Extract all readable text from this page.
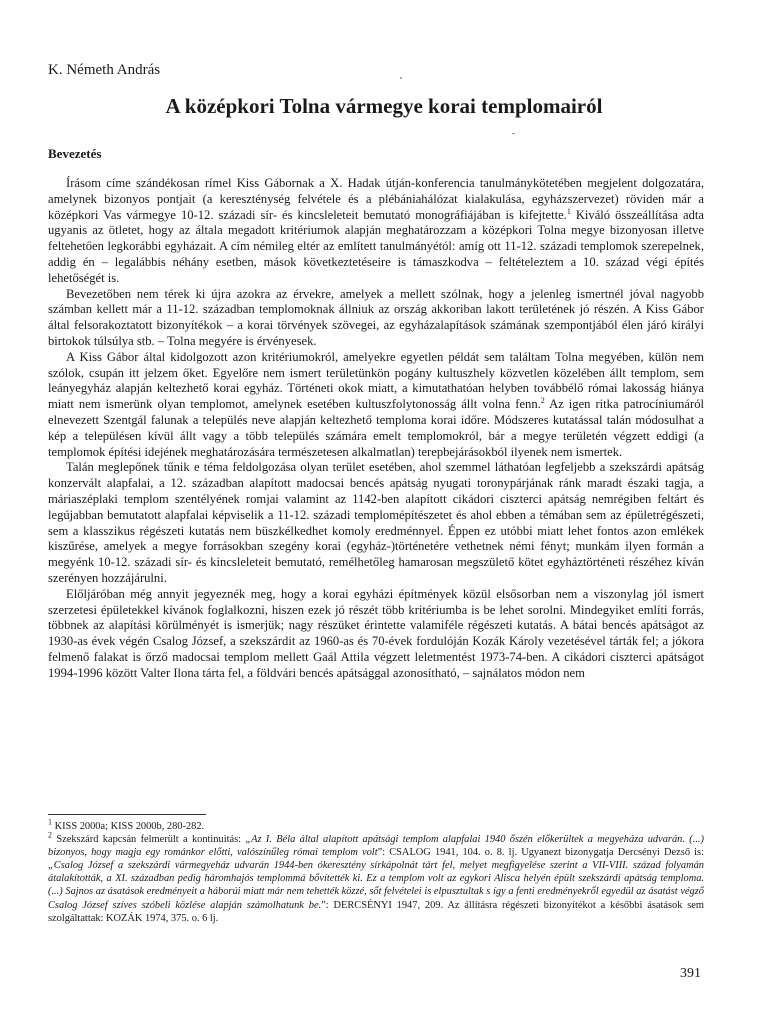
K. Németh András
A középkori Tolna vármegye korai templomairól
Bevezetés

Írásom címe szándékosan rímel Kiss Gábornak a X. Hadak útján-konferencia tanulmánykötetében megjelent dolgozatára, amelynek bizonyos pontjait (a kereszténység felvétele és a plébániahálózat kialakulása, egyházszervezet) röviden már a középkori Vas vármegye 10-12. századi sír- és kincsleleteit bemutató monográfiájában is kifejtette.$^1$ Kiváló összeállítása adta ugyanis az ötletet, hogy az általa megadott kritériumok alapján meghatározzam a középkori Tolna megye bizonyosan illetve feltehetően legkorábbi egyházait. A cím némileg eltér az említett tanulmányétól: amíg ott 11-12. századi templomok szerepelnek, addig én – legalábbis néhány esetben, mások következtetéseire is támaszkodva – feltételeztem a 10. század végi építés lehetőségét is.

Bevezetőben nem térek ki újra azokra az érvekre, amelyek a mellett szólnak, hogy a jelenleg ismertnél jóval nagyobb számban kellett már a 11-12. században templomoknak állniuk az ország akkoriban lakott területének jó részén. A Kiss Gábor által felsorakoztatott bizonyítékok – a korai törvények szövegei, az egyházalapítások számának szempontjából élen járó királyi birtokok túlsúlya stb. – Tolna megyére is érvényesek.

A Kiss Gábor által kidolgozott azon kritériumokról, amelyekre egyetlen példát sem találtam Tolna megyében, külön nem szólok, csupán itt jelzem őket. Egyelőre nem ismert területünkön pogány kultuszhely közvetlen közelében állt templom, sem leányegyház alapján keltezhető korai egyház. Történeti okok miatt, a kimutathatóan helyben továbbélő római lakosság hiánya miatt nem ismerünk olyan templomot, amelynek esetében kultuszfolytonosság állt volna fenn.$^2$ Az igen ritka patrocíniumáról elnevezett Szentgál falunak a település neve alapján keltezhető temploma korai időre. Módszeres kutatással talán módosulhat a kép a településen kívül állt vagy a több település számára emelt templomokról, bár a megye területén végzett eddigi (a templomok építési idejének meghatározására természetesen alkalmatlan) terepbejárásokból ilyenek nem ismertek.

Talán meglepőnek tűnik e téma feldolgozása olyan terület esetében, ahol szemmel láthatóan legfeljebb a szekszárdi apátság konzervált alapfalai, a 12. században alapított madocsai bencés apátság nyugati toronypárjának ránk maradt északi tagja, a máriaszéplaki templom szentélyének romjai valamint az 1142-ben alapított cikádori ciszterci apátság nemrégiben feltárt és legújabban bemutatott alapfalai képviselik a 11-12. századi templomépítészetet és ahol ebben a témában sem az épületrégészeti, sem a klasszikus régészeti kutatás nem büszkélkedhet komoly eredménnyel. Éppen ez utóbbi miatt lehet fontos azon emlékek kiszűrése, amelyek a megye forrásokban szegény korai (egyház-)történetére vethetnek némi fényt; munkám ilyen formán a megyénk 10-12. századi sír- és kincsleleteit bemutató, remélhetőleg hamarosan megszülető kötet egyháztörténeti részéhez kíván szerényen hozzájárulni.

Előljáróban még annyit jegyeznék meg, hogy a korai egyházi építmények közül elsősorban nem a viszonylag jól ismert szerzetesi épületekkel kívánok foglalkozni, hiszen ezek jó részét több kritériumba is be lehet sorolni. Mindegyiket említi forrás, többnek az alapítási körülményét is ismerjük; nagy részüket érintette valamiféle régészeti kutatás. A bátai bencés apátságot az 1930-as évek végén Csalog József, a szekszárdit az 1960-as és 70-évek fordulóján Kozák Károly vezetésével tárták fel; a jókora felmenő falakat is őrző madocsai templom mellett Gaál Attila végzett leletmentést 1973-74-ben. A cikádori ciszterci apátságot 1994-1996 között Valter Ilona tárta fel, a földvári bencés apátsággal azonosítható, – sajnálatos módon nem

$^1$ KISS 2000a; KISS 2000b, 280-282.

$^2$ Szekszárd kapcsán felmerült a kontinuitás: „Az I. Béla által alapított apátsági templom alapfalai 1940 őszén előkerültek a megyeháza udvarán. (...) bizonyos, hogy magja egy románkor előtti, valószínűleg római templom volt”: CSALOG 1941, 104. o. 8. lj. Ugyanezt bizonygatja Dercsényi Dezső is: „Csalog József a szekszárdi vármegyeház udvarán 1944-ben ókeresztény sírkápolnát tárt fel, melyet megfigyelése szerint a VII-VIII. század folyamán átalakították, a XI. században pedig háromhajós templommá bővítették ki. Ez a templom volt az egykori Alisca helyén épült szekszárdi apátság temploma. (...) Sajnos az ásatások eredményeit a háborúi miatt már nem tehették közzé, sőt felvételei is elpusztultak s így a fenti eredményekről egyedül az ásatást végző Csalog József szíves szóbeli közlése alapján számolhatunk be.”: DERCSÉNYI 1947, 209. Az állításra régészeti bizonyítékot a későbbi ásatások sem szolgáltattak: KOZÁK 1974, 375. o. 6 lj.

391
